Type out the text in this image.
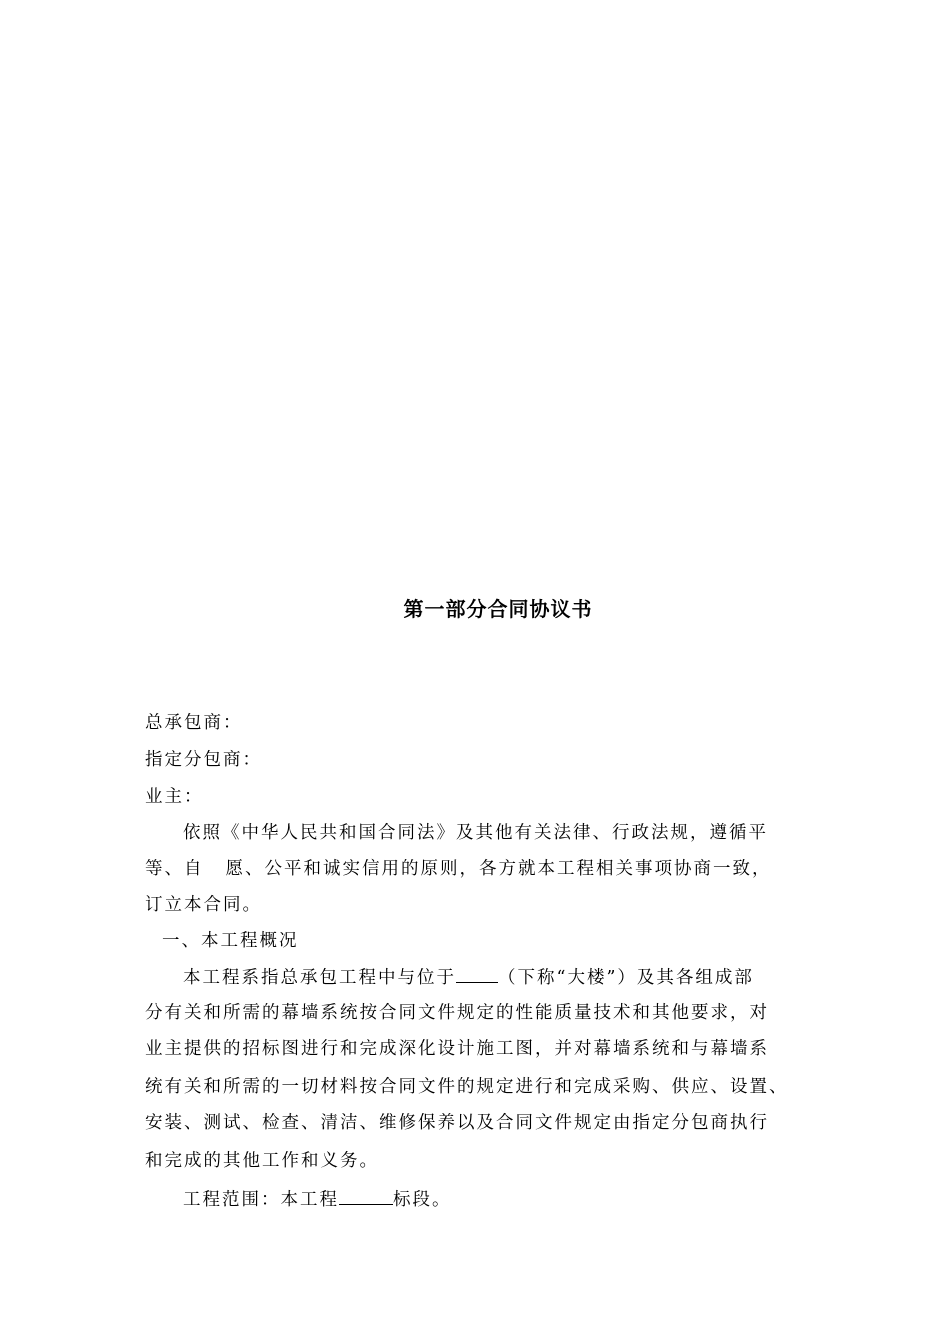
第一部分合同协议书
总承包商：
指定分包商：
业主：
依照《中华人民共和国合同法》及其他有关法律、行政法规，遵循平
等、自 愿、公平和诚实信用的原则，各方就本工程相关事项协商一致，
订立本合同。
一、本工程概况
本工程系指总承包工程中与位于 （下称“大楼”）及其各组成部
分有关和所需的幕墙系统按合同文件规定的性能质量技术和其他要求，对
业主提供的招标图进行和完成深化设计施工图，并对幕墙系统和与幕墙系
统有关和所需的一切材料按合同文件的规定进行和完成采购、供应、设置、
安装、测试、检查、清洁、维修保养以及合同文件规定由指定分包商执行
和完成的其他工作和义务。
工程范围：本工程	标段。
